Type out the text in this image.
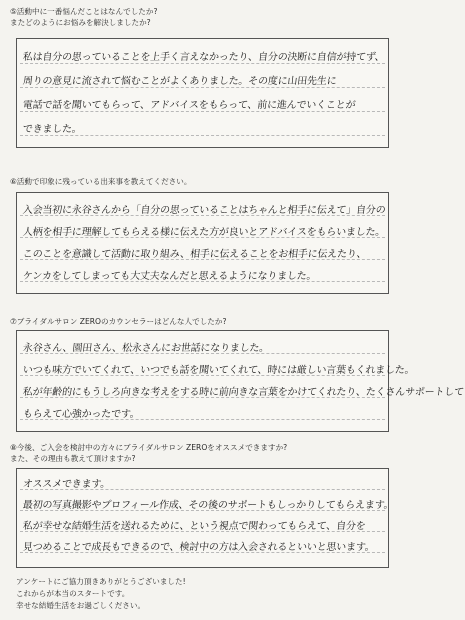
⑤活動中に一番悩んだことはなんでしたか?
またどのようにお悩みを解決しましたか?
私は自分の思っていることを上手く言えなかったり、自分の決断に自信が持てず、
周りの意見に流されて悩むことがよくありました。その度に山田先生に
電話で話を聞いてもらって、アドバイスをもらって、前に進んでいくことが
できました。
⑥活動で印象に残っている出来事を教えてください。
入会当初に永谷さんから「自分の思っていることはちゃんと相手に伝えて」自分の
人柄を相手に理解してもらえる様に伝えた方が良いとアドバイスをもらいました。
このことを意識して活動に取り組み、相手に伝えることをお相手に伝えたり、
ケンカをしてしまっても大丈夫なんだと思えるようになりました。
⑦ブライダルサロン ZEROのカウンセラーはどんな人でしたか?
永谷さん、園田さん、松永さんにお世話になりました。
いつも味方でいてくれて、いつでも話を聞いてくれて、時には厳しい言葉もくれました。
私が年齢的にもうしろ向きな考えをする時に前向きな言葉をかけてくれたり、たくさんサポートして
もらえて心強かったです。
⑧今後、ご入会を検討中の方々にブライダルサロン ZEROをオススメできますか?
また、その理由も教えて頂けますか?
オススメできます。
最初の写真撮影やプロフィール作成、その後のサポートもしっかりしてもらえます。
私が幸せな結婚生活を送れるために、という視点で関わってもらえて、自分を
見つめることで成長もできるので、検討中の方は入会されるといいと思います。
アンケートにご協力頂きありがとうございました!
これからが本当のスタートです。
幸せな結婚生活をお過ごしください。
